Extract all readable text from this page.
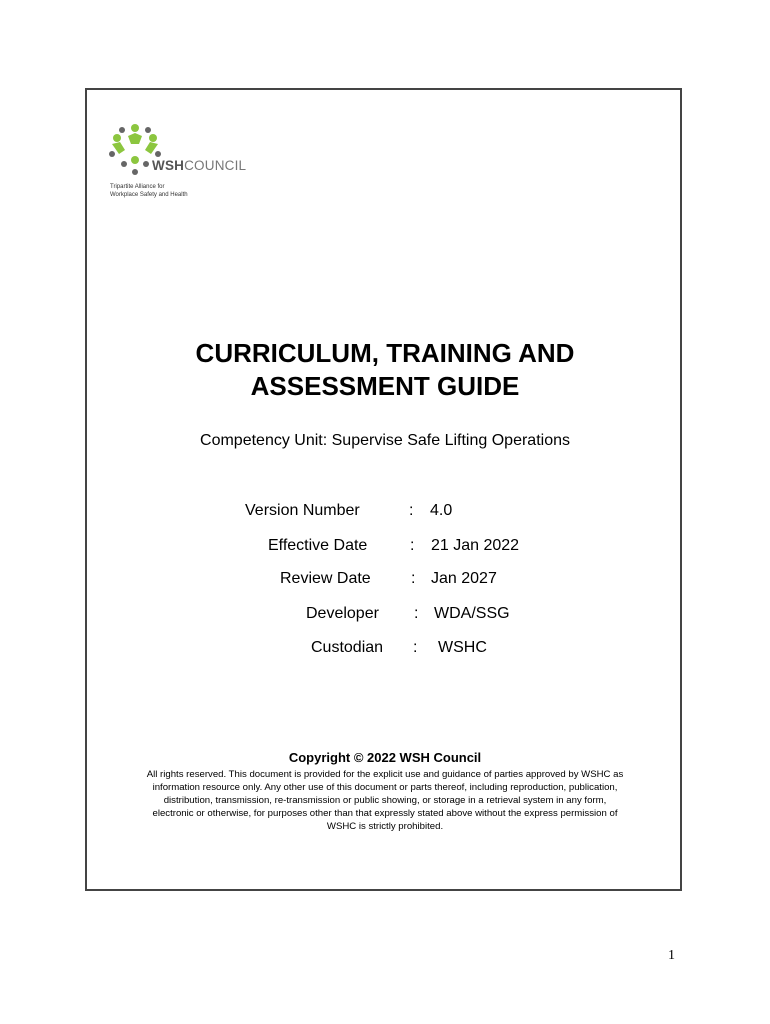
WSHCOUNCIL
Tripartite Alliance for
Workplace Safety and Health
CURRICULUM, TRAINING AND
ASSESSMENT GUIDE
Competency Unit: Supervise Safe Lifting Operations
Version Number	: 4.0
Effective Date	: 21 Jan 2022
Review Date	: Jan 2027
Developer : WDA/SSG
Custodian : WSHC
Copyright © 2022 WSH Council
All rights reserved. This document is provided for the explicit use and guidance of parties approved by WSHC as
information resource only. Any other use of this document or parts thereof, including reproduction, publication,
distribution, transmission, re-transmission or public showing, or storage in a retrieval system in any form,
electronic or otherwise, for purposes other than that expressly stated above without the express permission of
WSHC is strictly prohibited.
1
